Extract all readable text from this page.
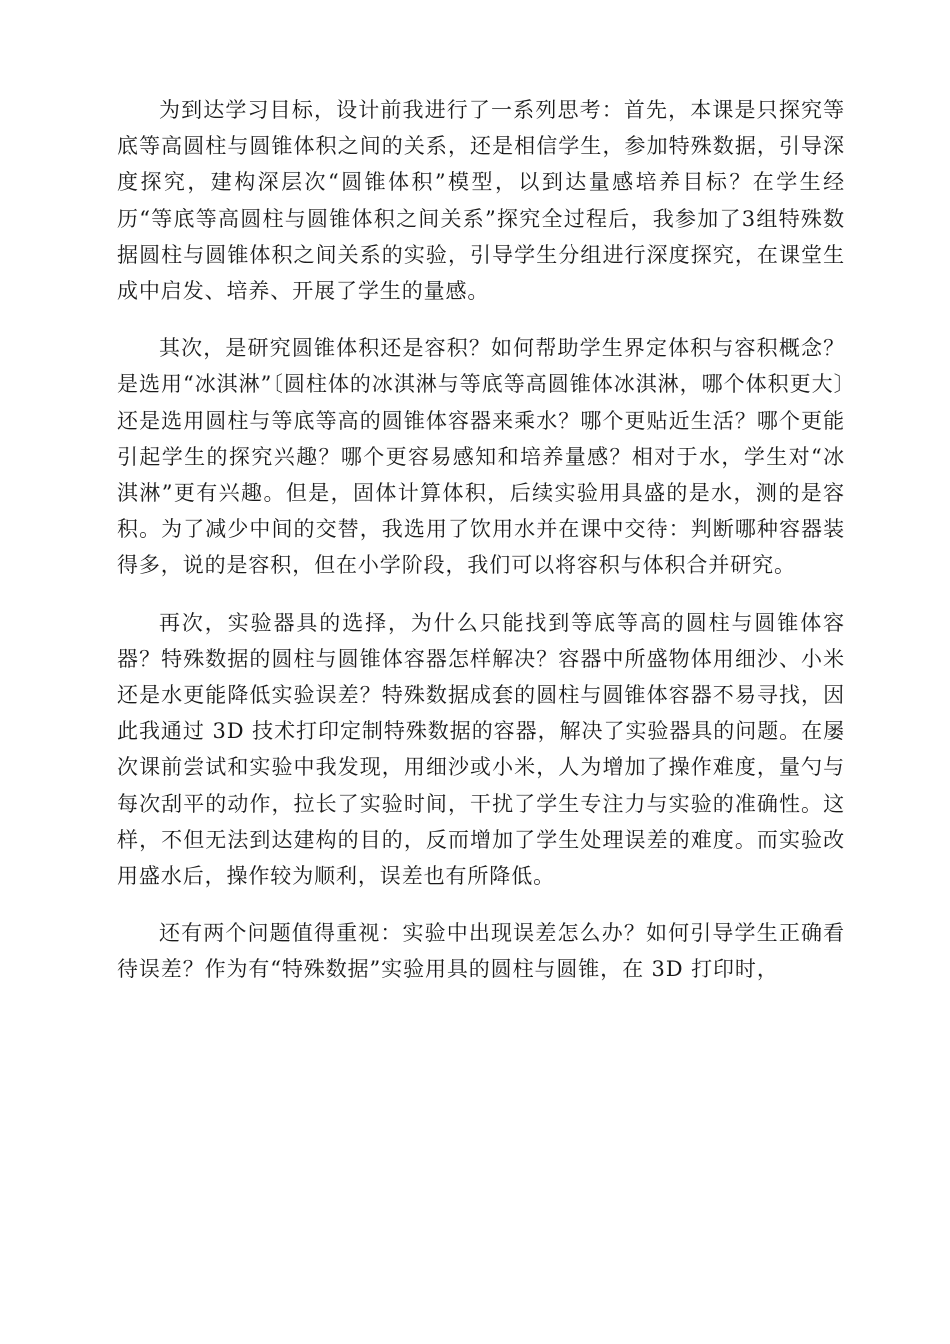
为到达学习目标，设计前我进行了一系列思考：首先，本课是只探究等底等高圆柱与圆锥体积之间的关系，还是相信学生，参加特殊数据，引导深度探究，建构深层次“圆锥体积”模型，以到达量感培养目标？在学生经历“等底等高圆柱与圆锥体积之间关系”探究全过程后，我参加了3组特殊数据圆柱与圆锥体积之间关系的实验，引导学生分组进行深度探究，在课堂生成中启发、培养、开展了学生的量感。

其次，是研究圆锥体积还是容积？如何帮助学生界定体积与容积概念？是选用“冰淇淋”〔圆柱体的冰淇淋与等底等高圆锥体冰淇淋，哪个体积更大〕还是选用圆柱与等底等高的圆锥体容器来乘水？哪个更贴近生活？哪个更能引起学生的探究兴趣？哪个更容易感知和培养量感？相对于水，学生对“冰淇淋”更有兴趣。但是，固体计算体积，后续实验用具盛的是水，测的是容积。为了减少中间的交替，我选用了饮用水并在课中交待：判断哪种容器装得多，说的是容积，但在小学阶段，我们可以将容积与体积合并研究。

再次，实验器具的选择，为什么只能找到等底等高的圆柱与圆锥体容器？特殊数据的圆柱与圆锥体容器怎样解决？容器中所盛物体用细沙、小米还是水更能降低实验误差？特殊数据成套的圆柱与圆锥体容器不易寻找，因此我通过 3D 技术打印定制特殊数据的容器，解决了实验器具的问题。在屡次课前尝试和实验中我发现，用细沙或小米，人为增加了操作难度，量勺与每次刮平的动作，拉长了实验时间，干扰了学生专注力与实验的准确性。这样，不但无法到达建构的目的，反而增加了学生处理误差的难度。而实验改用盛水后，操作较为顺利，误差也有所降低。

还有两个问题值得重视：实验中出现误差怎么办？如何引导学生正确看待误差？作为有“特殊数据”实验用具的圆柱与圆锥，在 3D 打印时，
